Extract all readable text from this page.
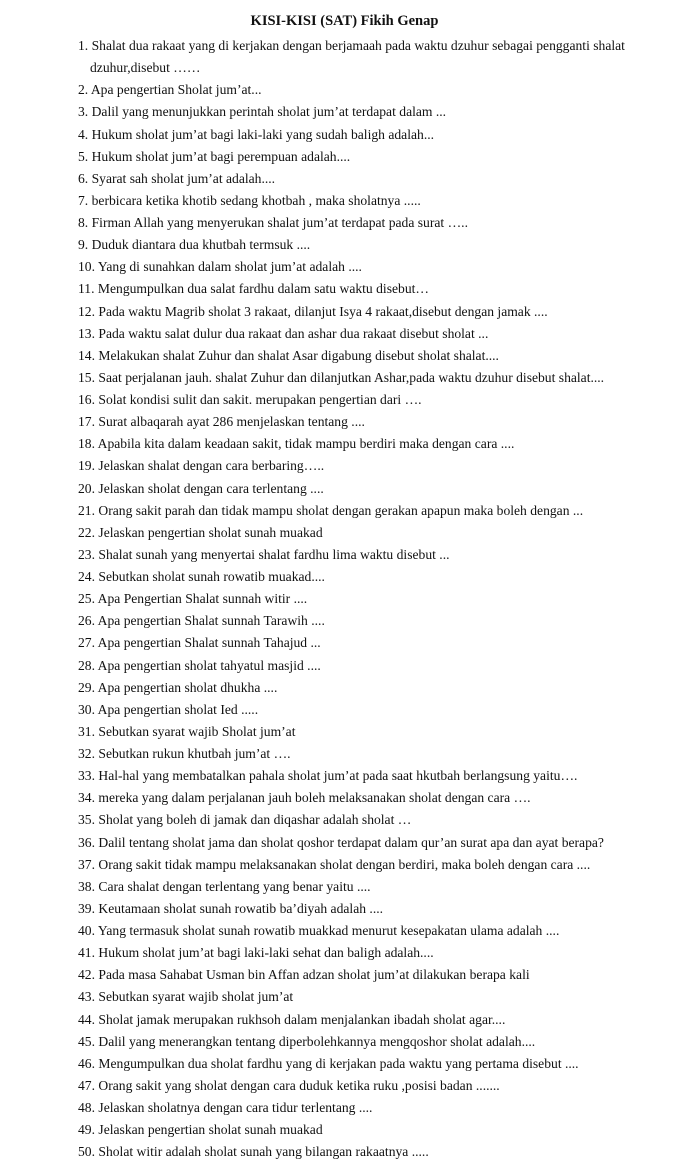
KISI-KISI (SAT) Fikih Genap
1. Shalat dua rakaat yang di kerjakan dengan berjamaah pada waktu dzuhur sebagai pengganti shalat
dzuhur,disebut ……
2. Apa pengertian Sholat jum’at...
3. Dalil yang menunjukkan perintah sholat jum’at terdapat dalam ...
4. Hukum sholat jum’at bagi laki-laki yang sudah baligh adalah...
5. Hukum sholat jum’at bagi perempuan adalah....
6. Syarat sah sholat jum’at adalah....
7. berbicara ketika khotib sedang khotbah , maka sholatnya .....
8. Firman Allah yang menyerukan shalat jum’at terdapat pada surat …..
9. Duduk diantara dua khutbah termsuk ....
10. Yang di sunahkan dalam sholat jum’at adalah ....
11. Mengumpulkan dua salat fardhu dalam satu waktu disebut…
12. Pada waktu Magrib sholat 3 rakaat, dilanjut Isya 4 rakaat,disebut dengan jamak ....
13. Pada waktu salat dulur dua rakaat dan ashar dua rakaat disebut sholat ...
14. Melakukan shalat Zuhur dan shalat Asar digabung disebut sholat shalat....
15. Saat perjalanan jauh. shalat Zuhur dan dilanjutkan Ashar,pada waktu dzuhur disebut shalat....
16. Solat kondisi sulit dan sakit. merupakan pengertian dari ….
17. Surat albaqarah ayat 286 menjelaskan tentang ....
18. Apabila kita dalam keadaan sakit, tidak mampu berdiri maka dengan cara ....
19. Jelaskan shalat dengan cara berbaring…..
20. Jelaskan sholat dengan cara terlentang ....
21. Orang sakit parah dan tidak mampu sholat dengan gerakan apapun maka boleh dengan ...
22. Jelaskan pengertian sholat sunah muakad
23. Shalat sunah yang menyertai shalat fardhu lima waktu disebut ...
24. Sebutkan sholat sunah rowatib muakad....
25. Apa Pengertian Shalat sunnah witir ....
26. Apa pengertian Shalat sunnah Tarawih ....
27. Apa pengertian Shalat sunnah Tahajud ...
28. Apa pengertian sholat tahyatul masjid ....
29. Apa pengertian sholat dhukha ....
30. Apa pengertian sholat Ied .....
31. Sebutkan syarat wajib Sholat jum’at
32. Sebutkan rukun khutbah jum’at ….
33. Hal-hal yang membatalkan pahala sholat jum’at pada saat hkutbah berlangsung yaitu….
34. mereka yang dalam perjalanan jauh boleh melaksanakan sholat dengan cara ….
35. Sholat yang boleh di jamak dan diqashar adalah sholat …
36. Dalil tentang sholat jama dan sholat qoshor terdapat dalam qur’an surat apa dan ayat berapa?
37. Orang sakit tidak mampu melaksanakan sholat dengan berdiri, maka boleh dengan cara ....
38. Cara shalat dengan terlentang yang benar yaitu ....
39. Keutamaan sholat sunah rowatib ba’diyah adalah ....
40. Yang termasuk sholat sunah rowatib muakkad menurut kesepakatan ulama adalah ....
41. Hukum sholat jum’at bagi laki-laki sehat dan baligh adalah....
42. Pada masa Sahabat Usman bin Affan adzan sholat jum’at dilakukan berapa kali
43. Sebutkan syarat wajib sholat jum’at
44. Sholat jamak merupakan rukhsoh dalam menjalankan ibadah sholat agar....
45. Dalil yang menerangkan tentang diperbolehkannya mengqoshor sholat adalah....
46. Mengumpulkan dua sholat fardhu yang di kerjakan pada waktu yang pertama disebut ....
47. Orang sakit yang sholat dengan cara duduk ketika ruku ,posisi badan .......
48. Jelaskan sholatnya dengan cara tidur terlentang ....
49. Jelaskan pengertian sholat sunah muakad
50. Sholat witir adalah sholat sunah yang bilangan rakaatnya .....
